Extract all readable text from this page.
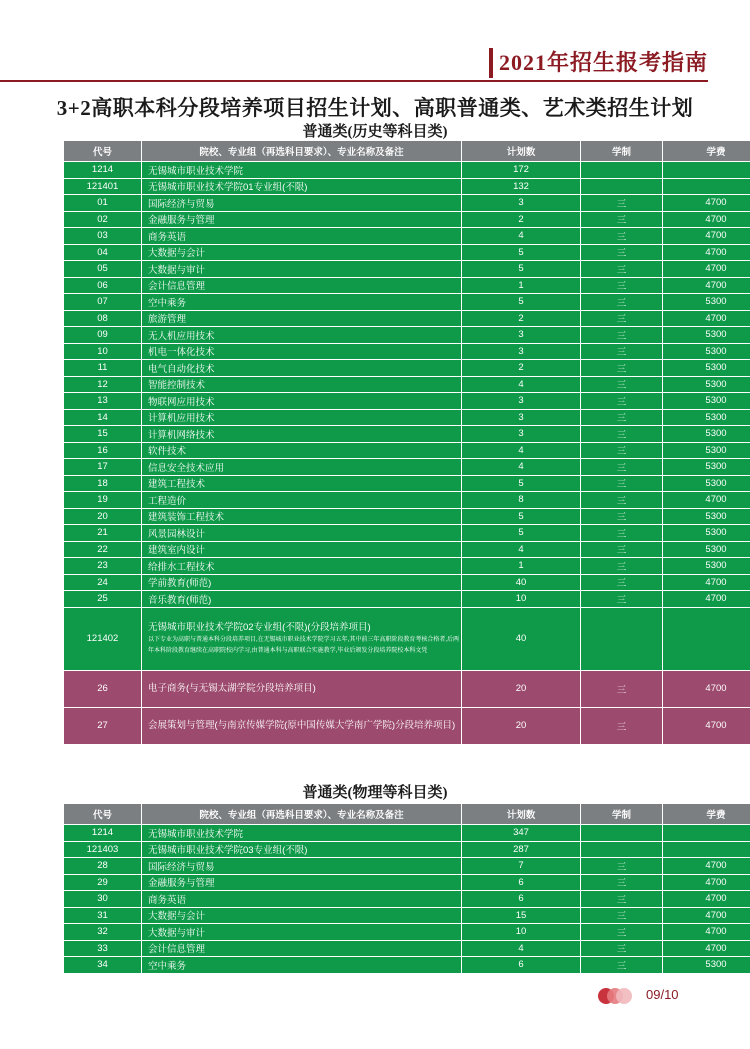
2021年招生报考指南
3+2高职本科分段培养项目招生计划、高职普通类、艺术类招生计划
普通类(历史等科目类)
代号	院校、专业组（再选科目要求）、专业名称及备注	计划数	学制	学费
1214	无锡城市职业技术学院	172		
121401	无锡城市职业技术学院01专业组(不限)	132		
01	国际经济与贸易	3	三	4700
02	金融服务与管理	2	三	4700
03	商务英语	4	三	4700
04	大数据与会计	5	三	4700
05	大数据与审计	5	三	4700
06	会计信息管理	1	三	4700
07	空中乘务	5	三	5300
08	旅游管理	2	三	4700
09	无人机应用技术	3	三	5300
10	机电一体化技术	3	三	5300
11	电气自动化技术	2	三	5300
12	智能控制技术	4	三	5300
13	物联网应用技术	3	三	5300
14	计算机应用技术	3	三	5300
15	计算机网络技术	3	三	5300
16	软件技术	4	三	5300
17	信息安全技术应用	4	三	5300
18	建筑工程技术	5	三	5300
19	工程造价	8	三	4700
20	建筑装饰工程技术	5	三	5300
21	风景园林设计	5	三	5300
22	建筑室内设计	4	三	5300
23	给排水工程技术	1	三	5300
24	学前教育(师范)	40	三	4700
25	音乐教育(师范)	10	三	4700
121402	无锡城市职业技术学院02专业组(不限)(分段培养项目)
以下专业为高职与普通本科分段培养项目,在无锡城市职业技术学院学习五年,其中前三年高职阶段教育考核合格者,后两年本科阶段教育继续在高职院校内学习,由普通本科与高职联合实施教学,毕业后颁发分段培养院校本科文凭	40		
26	电子商务(与无锡太湖学院分段培养项目)	20	三	4700
27	会展策划与管理(与南京传媒学院(原中国传媒大学南广学院)分段培养项目)	20	三	4700
普通类(物理等科目类)
代号	院校、专业组（再选科目要求）、专业名称及备注	计划数	学制	学费
1214	无锡城市职业技术学院	347		
121403	无锡城市职业技术学院03专业组(不限)	287		
28	国际经济与贸易	7	三	4700
29	金融服务与管理	6	三	4700
30	商务英语	6	三	4700
31	大数据与会计	15	三	4700
32	大数据与审计	10	三	4700
33	会计信息管理	4	三	4700
34	空中乘务	6	三	5300
09/10
